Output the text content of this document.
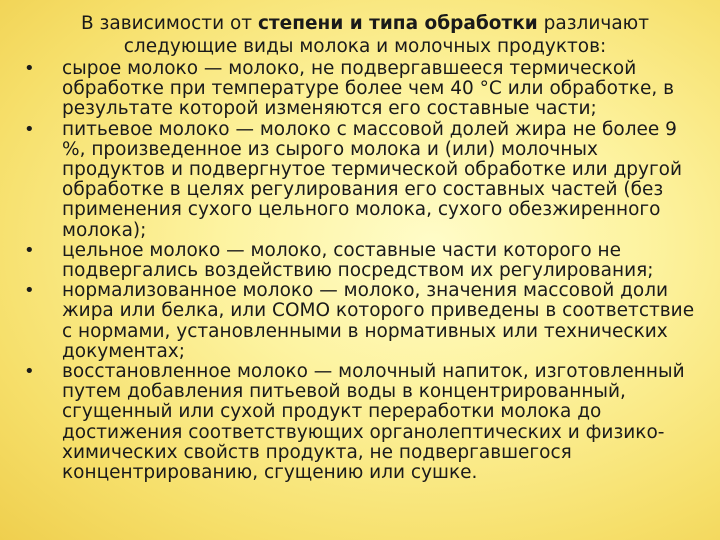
В зависимости от степени и типа обработки различают следующие виды молока и молочных продуктов:
• сырое молоко — молоко, не подвергавшееся термической обработке при температуре более чем 40 °С или обработке, в результате которой изменяются его составные части;
• питьевое молоко — молоко с массовой долей жира не более 9 %, произведенное из сырого молока и (или) молочных продуктов и подвергнутое термической обработке или другой обработке в целях регулирования его составных частей (без применения сухого цельного молока, сухого обезжиренного молока);
• цельное молоко — молоко, составные части которого не подвергались воздействию посредством их регулирования;
• нормализованное молоко — молоко, значения массовой доли жира или белка, или СОМО которого приведены в соответствие с нормами, установленными в нормативных или технических документах;
• восстановленное молоко — молочный напиток, изготовленный путем добавления питьевой воды в концентрированный, сгущенный или сухой продукт переработки молока до достижения соответствующих органолептических и физико-химических свойств продукта, не подвергавшегося концентрированию, сгущению или сушке.
